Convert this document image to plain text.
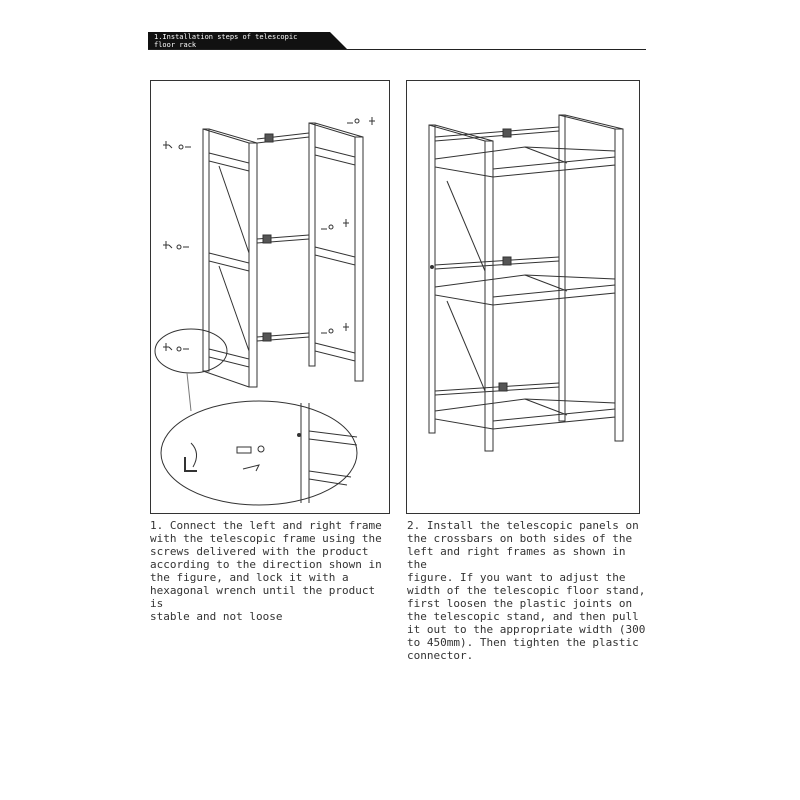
1.Installation steps of telescopic
floor rack
1. Connect the left and right frame
with the telescopic frame using the
screws delivered with the product
according to the direction shown in
the figure, and lock it with a
hexagonal wrench until the product is
stable and not loose
2. Install the telescopic panels on
the crossbars on both sides of the
left and right frames as shown in the
figure. If you want to adjust the
width of the telescopic floor stand,
first loosen the plastic joints on
the telescopic stand, and then pull
it out to the appropriate width (300
to 450mm). Then tighten the plastic
connector.
